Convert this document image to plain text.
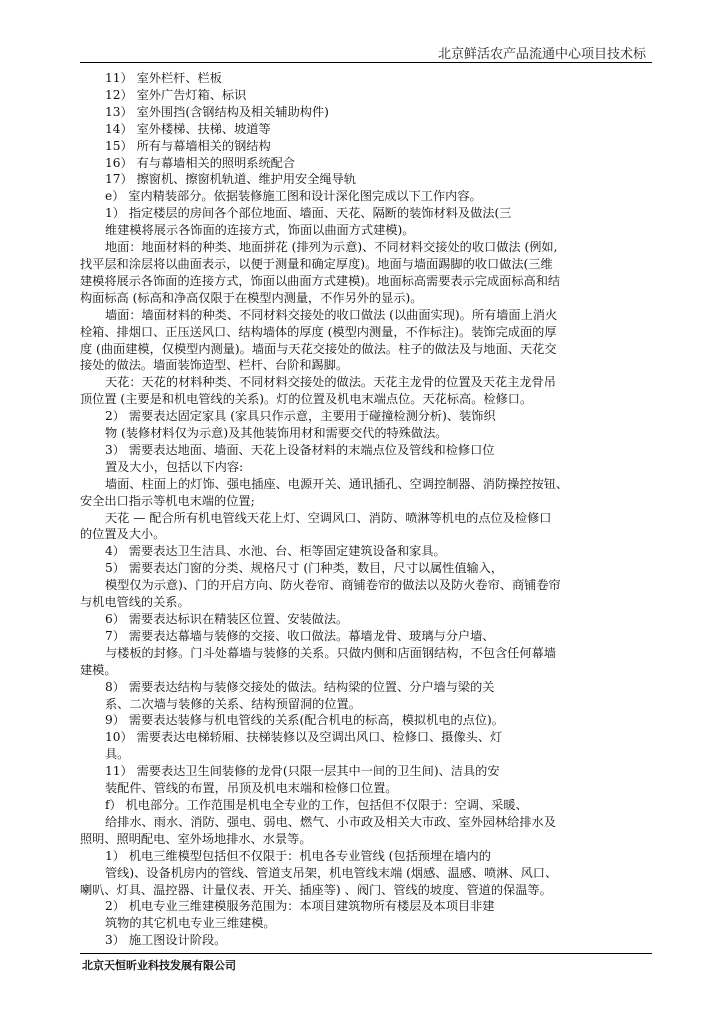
北京鲜活农产品流通中心项目技术标

11） 室外栏杆、栏板

12） 室外广告灯箱、标识

13） 室外围挡(含钢结构及相关辅助构件)

14） 室外楼梯、扶梯、坡道等

15） 所有与幕墙相关的钢结构

16） 有与幕墙相关的照明系统配合

17） 擦窗机、擦窗机轨道、维护用安全绳导轨

e） 室内精装部分。依据装修施工图和设计深化图完成以下工作内容。

1） 指定楼层的房间各个部位地面、墙面、天花、隔断的装饰材料及做法(三

维建模将展示各饰面的连接方式，饰面以曲面方式建模)。

地面：地面材料的种类、地面拼花 (排列为示意)、不同材料交接处的收口做法 (例如,

找平层和涂层将以曲面表示，以便于测量和确定厚度)。地面与墙面踢脚的收口做法(三维

建模将展示各饰面的连接方式，饰面以曲面方式建模)。地面标高需要表示完成面标高和结

构面标高 (标高和净高仅限于在模型内测量，不作另外的显示)。

墙面：墙面材料的种类、不同材料交接处的收口做法 (以曲面实现)。所有墙面上消火

栓箱、排烟口、正压送风口、结构墙体的厚度 (模型内测量，不作标注)。装饰完成面的厚

度 (曲面建模，仅模型内测量)。墙面与天花交接处的做法。柱子的做法及与地面、天花交

接处的做法。墙面装饰造型、栏杆、台阶和踢脚。

天花：天花的材料种类、不同材料交接处的做法。天花主龙骨的位置及天花主龙骨吊

顶位置 (主要是和机电管线的关系)。灯的位置及机电末端点位。天花标高。检修口。

2） 需要表达固定家具 (家具只作示意，主要用于碰撞检测分析)、装饰织

物 (装修材料仅为示意)及其他装饰用材和需要交代的特殊做法。

3） 需要表达地面、墙面、天花上设备材料的末端点位及管线和检修口位

置及大小，包括以下内容:

墙面、柱面上的灯饰、强电插座、电源开关、通讯插孔、空调控制器、消防操控按钮、

安全出口指示等机电末端的位置;

天花 — 配合所有机电管线天花上灯、空调风口、消防、喷淋等机电的点位及检修口

的位置及大小。

4） 需要表达卫生洁具、水池、台、柜等固定建筑设备和家具。

5） 需要表达门窗的分类、规格尺寸 (门种类，数目，尺寸以属性值输入，

模型仅为示意)、门的开启方向、防火卷帘、商铺卷帘的做法以及防火卷帘、商铺卷帘

与机电管线的关系。

6） 需要表达标识在精装区位置、安装做法。

7） 需要表达幕墙与装修的交接、收口做法。幕墙龙骨、玻璃与分户墙、

与楼板的封修。门斗处幕墙与装修的关系。只做内侧和店面钢结构，不包含任何幕墙

建模。

8） 需要表达结构与装修交接处的做法。结构梁的位置、分户墙与梁的关

系、二次墙与装修的关系、结构预留洞的位置。

9） 需要表达装修与机电管线的关系(配合机电的标高，模拟机电的点位)。

10） 需要表达电梯轿厢、扶梯装修以及空调出风口、检修口、摄像头、灯

具。

11） 需要表达卫生间装修的龙骨(只限一层其中一间的卫生间)、洁具的安

装配件、管线的布置，吊顶及机电末端和检修口位置。

f） 机电部分。工作范围是机电全专业的工作，包括但不仅限于：空调、采暖、

给排水、雨水、消防、强电、弱电、燃气、小市政及相关大市政、室外园林给排水及

照明、照明配电、室外场地排水、水景等。

1） 机电三维模型包括但不仅限于：机电各专业管线 (包括预埋在墙内的

管线)、设备机房内的管线、管道支吊架，机电管线末端 (烟感、温感、喷淋、风口、

喇叭、灯具、温控器、计量仪表、开关、插座等) 、阀门、管线的坡度、管道的保温等。

2） 机电专业三维建模服务范围为：本项目建筑物所有楼层及本项目非建

筑物的其它机电专业三维建模。

3） 施工图设计阶段。

北京天恒昕业科技发展有限公司
